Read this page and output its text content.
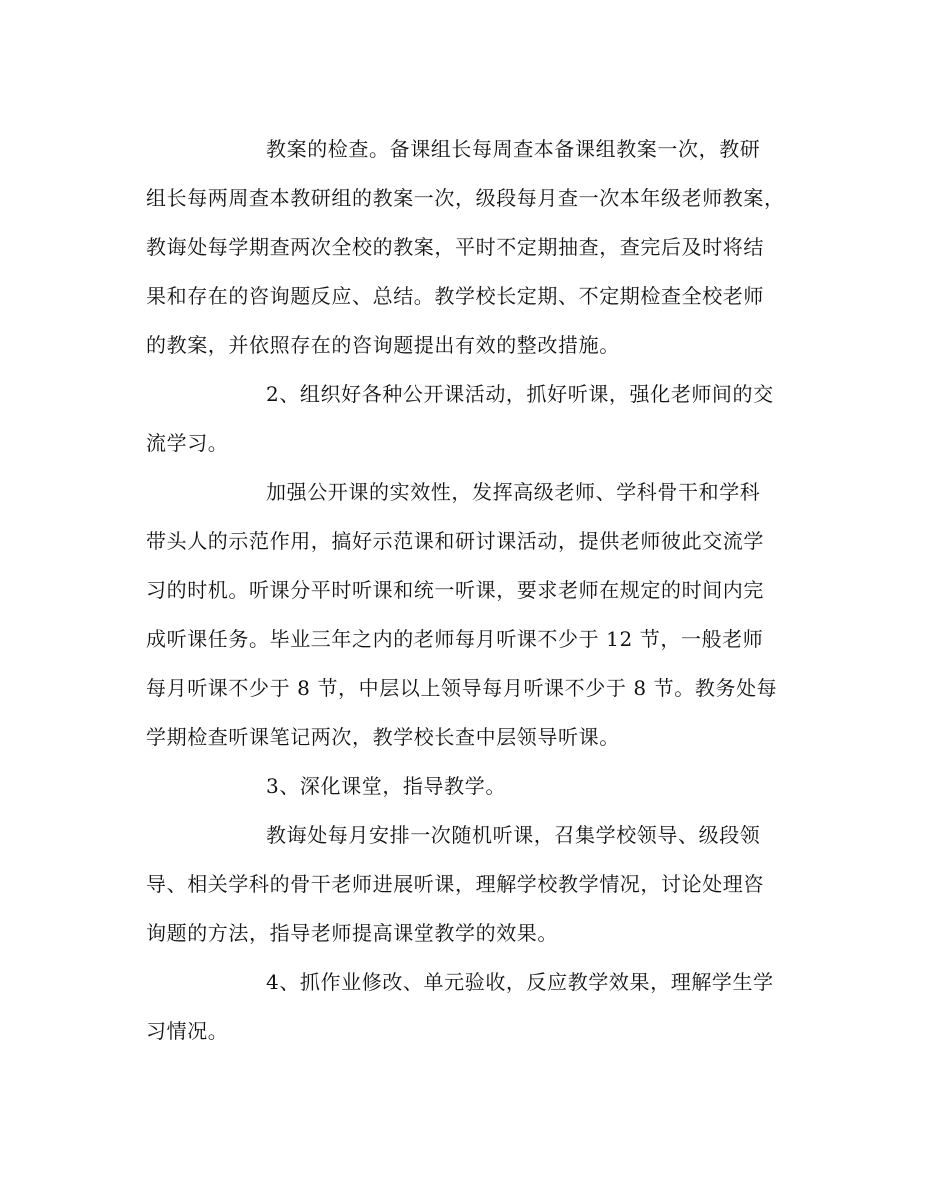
教案的检查。备课组长每周查本备课组教案一次，教研
组长每两周查本教研组的教案一次，级段每月查一次本年级老师教案，
教诲处每学期查两次全校的教案，平时不定期抽查，查完后及时将结
果和存在的咨询题反应、总结。教学校长定期、不定期检查全校老师
的教案，并依照存在的咨询题提出有效的整改措施。
2、组织好各种公开课活动，抓好听课，强化老师间的交
流学习。
加强公开课的实效性，发挥高级老师、学科骨干和学科
带头人的示范作用，搞好示范课和研讨课活动，提供老师彼此交流学
习的时机。听课分平时听课和统一听课，要求老师在规定的时间内完
成听课任务。毕业三年之内的老师每月听课不少于 12 节，一般老师
每月听课不少于 8 节，中层以上领导每月听课不少于 8 节。教务处每
学期检查听课笔记两次，教学校长查中层领导听课。
3、深化课堂，指导教学。
教诲处每月安排一次随机听课，召集学校领导、级段领
导、相关学科的骨干老师进展听课，理解学校教学情况，讨论处理咨
询题的方法，指导老师提高课堂教学的效果。
4、抓作业修改、单元验收，反应教学效果，理解学生学
习情况。
